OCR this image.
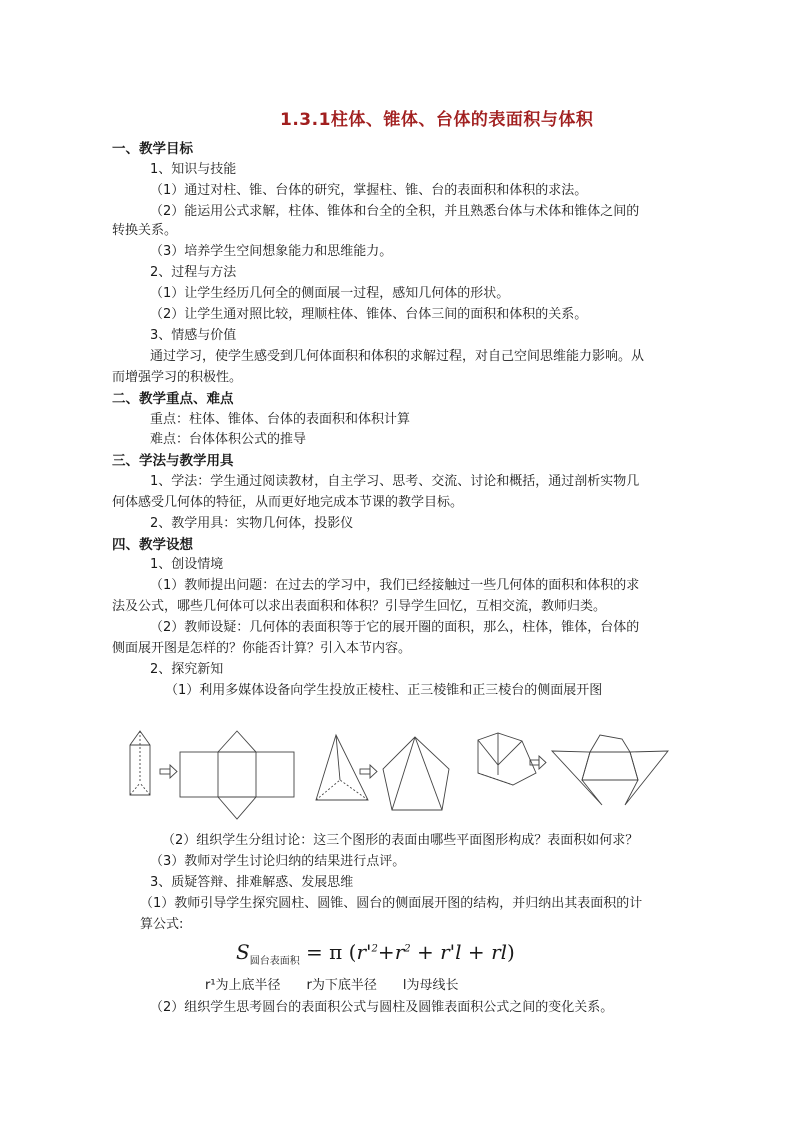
1.3.1柱体、锥体、台体的表面积与体积
一、教学目标
1、知识与技能
（1）通过对柱、锥、台体的研究，掌握柱、锥、台的表面积和体积的求法。
（2）能运用公式求解，柱体、锥体和台全的全积，并且熟悉台体与术体和锥体之间的
转换关系。
（3）培养学生空间想象能力和思维能力。
2、过程与方法
（1）让学生经历几何全的侧面展一过程，感知几何体的形状。
（2）让学生通对照比较，理顺柱体、锥体、台体三间的面积和体积的关系。
3、情感与价值
通过学习，使学生感受到几何体面积和体积的求解过程，对自己空间思维能力影响。从
而增强学习的积极性。
二、教学重点、难点
重点：柱体、锥体、台体的表面积和体积计算
难点：台体体积公式的推导
三、学法与教学用具
1、学法：学生通过阅读教材，自主学习、思考、交流、讨论和概括，通过剖析实物几
何体感受几何体的特征，从而更好地完成本节课的教学目标。
2、教学用具：实物几何体，投影仪
四、教学设想
1、创设情境
（1）教师提出问题：在过去的学习中，我们已经接触过一些几何体的面积和体积的求
法及公式，哪些几何体可以求出表面积和体积？引导学生回忆，互相交流，教师归类。
（2）教师设疑：几何体的表面积等于它的展开圈的面积，那么，柱体，锥体，台体的
侧面展开图是怎样的？你能否计算？引入本节内容。
2、探究新知
（1）利用多媒体设备向学生投放正棱柱、正三棱锥和正三棱台的侧面展开图
（2）组织学生分组讨论：这三个图形的表面由哪些平面图形构成？表面积如何求？
（3）教师对学生讨论归纳的结果进行点评。
3、质疑答辩、排难解惑、发展思维
（1）教师引导学生探究圆柱、圆锥、圆台的侧面展开图的结构，并归纳出其表面积的计
算公式:
$S_{圆台表面积} = \pi$ $(r'^2+r^2 + r'l + rl)$
r¹为上底半径　　r为下底半径　　l为母线长
（2）组织学生思考圆台的表面积公式与圆柱及圆锥表面积公式之间的变化关系。
